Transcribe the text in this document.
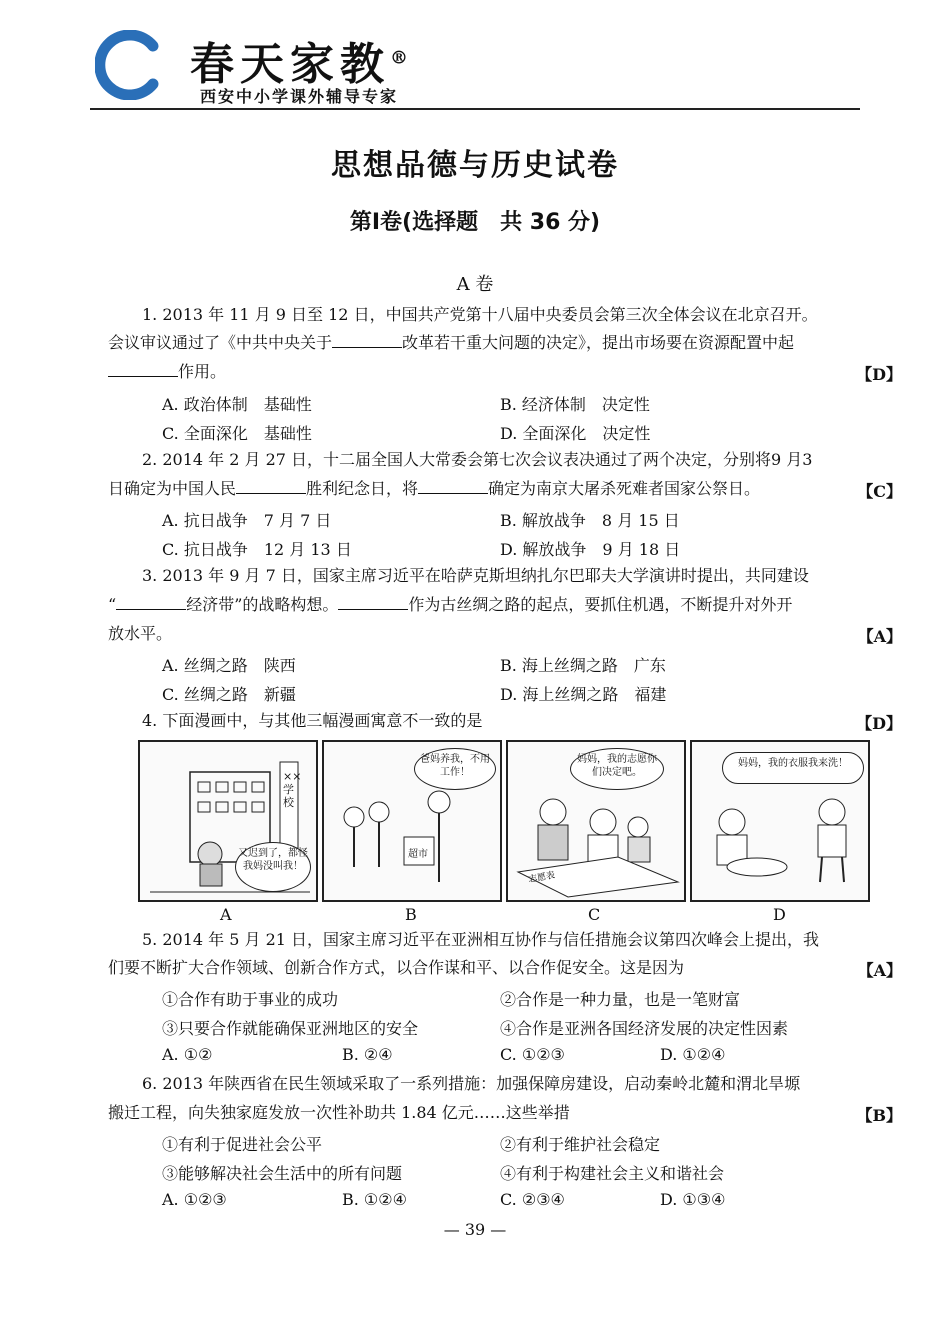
春天家教®
西安中小学课外辅导专家
思想品德与历史试卷
第Ⅰ卷(选择题　共 36 分)
A 卷
1. 2013 年 11 月 9 日至 12 日，中国共产党第十八届中央委员会第三次全体会议在北京召开。
会议审议通过了《中共中央关于	改革若干重大问题的决定》，提出市场要在资源配置中起
作用。	【D】
A. 政治体制　基础性	B. 经济体制　决定性
C. 全面深化　基础性	D. 全面深化　决定性
2. 2014 年 2 月 27 日，十二届全国人大常委会第七次会议表决通过了两个决定，分别将9 月3
日确定为中国人民	胜利纪念日，将	确定为南京大屠杀死难者国家公祭日。	【C】
A. 抗日战争　7 月 7 日	B. 解放战争　8 月 15 日
C. 抗日战争　12 月 13 日	D. 解放战争　9 月 18 日
3. 2013 年 9 月 7 日，国家主席习近平在哈萨克斯坦纳扎尔巴耶夫大学演讲时提出，共同建设
“	经济带”的战略构想。	作为古丝绸之路的起点，要抓住机遇，不断提升对外开
放水平。	【A】
A. 丝绸之路　陕西	B. 海上丝绸之路　广东
C. 丝绸之路　新疆	D. 海上丝绸之路　福建
4. 下面漫画中，与其他三幅漫画寓意不一致的是	【D】
××学校
又迟到了，都怪我妈没叫我！
A
超市
爸妈养我，不用工作！
B
志愿表
妈妈，我的志愿你们决定吧。
C
妈妈，我的衣服我来洗！
D
5. 2014 年 5 月 21 日，国家主席习近平在亚洲相互协作与信任措施会议第四次峰会上提出，我
们要不断扩大合作领域、创新合作方式，以合作谋和平、以合作促安全。这是因为	【A】
①合作有助于事业的成功	②合作是一种力量，也是一笔财富
③只要合作就能确保亚洲地区的安全	④合作是亚洲各国经济发展的决定性因素
A. ①②	B. ②④	C. ①②③	D. ①②④
6. 2013 年陕西省在民生领域采取了一系列措施：加强保障房建设，启动秦岭北麓和渭北旱塬
搬迁工程，向失独家庭发放一次性补助共 1.84 亿元……这些举措	【B】
①有利于促进社会公平	②有利于维护社会稳定
③能够解决社会生活中的所有问题	④有利于构建社会主义和谐社会
A. ①②③	B. ①②④	C. ②③④	D. ①③④
— 39 —
